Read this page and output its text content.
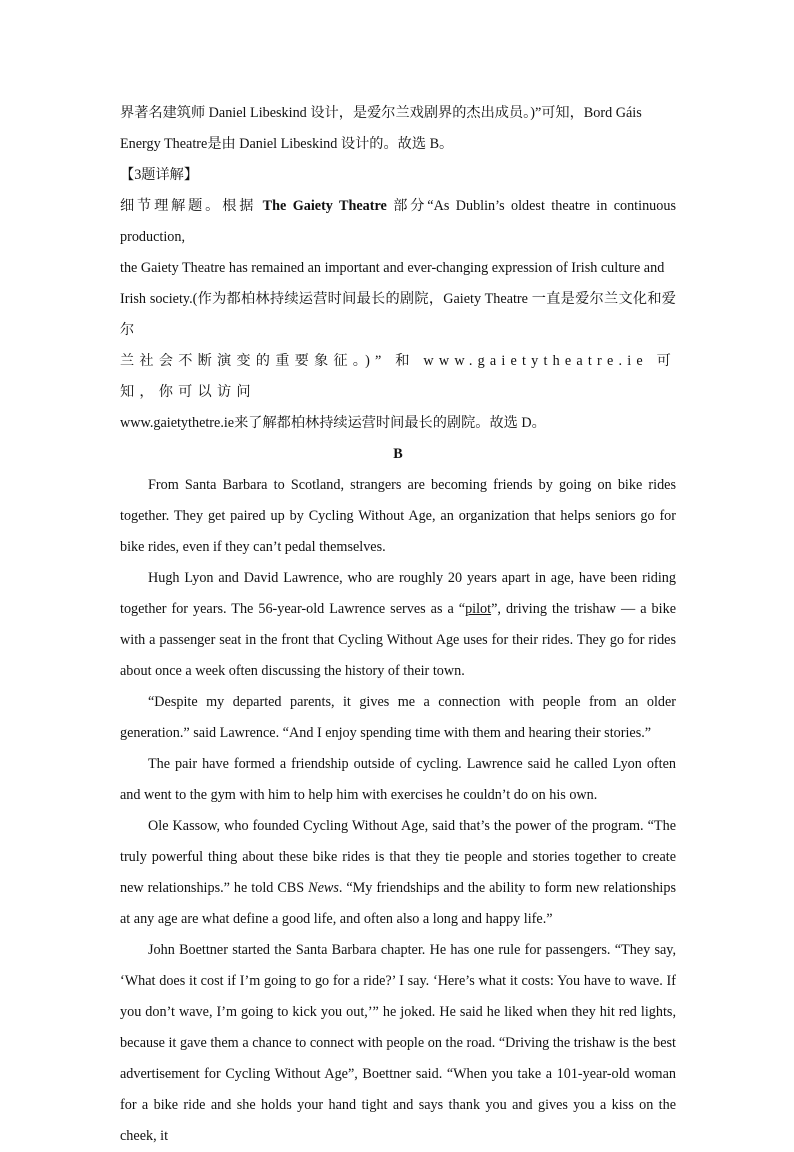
界著名建筑师 Daniel Libeskind 设计，是爱尔兰戏剧界的杰出成员。)”可知，Bord Gáis

Energy Theatre是由 Daniel Libeskind 设计的。故选 B。

【3题详解】

细节理解题。根据 The Gaiety Theatre 部分“As Dublin’s oldest theatre in continuous production,

the Gaiety Theatre has remained an important and ever-changing expression of Irish culture and

Irish society.(作为都柏林持续运营时间最长的剧院，Gaiety Theatre 一直是爱尔兰文化和爱尔

兰社会不断演变的重要象征。)” 和 www.gaietytheatre.ie 可知，你可以访问

www.gaietythetre.ie来了解都柏林持续运营时间最长的剧院。故选 D。

B

From Santa Barbara to Scotland, strangers are becoming friends by going on bike rides together. They get paired up by Cycling Without Age, an organization that helps seniors go for bike rides, even if they can’t pedal themselves.

Hugh Lyon and David Lawrence, who are roughly 20 years apart in age, have been riding together for years. The 56-year-old Lawrence serves as a “pilot”, driving the trishaw — a bike with a passenger seat in the front that Cycling Without Age uses for their rides. They go for rides about once a week often discussing the history of their town.

“Despite my departed parents, it gives me a connection with people from an older generation.” said Lawrence. “And I enjoy spending time with them and hearing their stories.”

The pair have formed a friendship outside of cycling. Lawrence said he called Lyon often and went to the gym with him to help him with exercises he couldn’t do on his own.

Ole Kassow, who founded Cycling Without Age, said that’s the power of the program. “The truly powerful thing about these bike rides is that they tie people and stories together to create new relationships.” he told CBS News. “My friendships and the ability to form new relationships at any age are what define a good life, and often also a long and happy life.”

John Boettner started the Santa Barbara chapter. He has one rule for passengers. “They say, ‘What does it cost if I’m going to go for a ride?’ I say. ‘Here’s what it costs: You have to wave. If you don’t wave, I’m going to kick you out,’” he joked. He said he liked when they hit red lights, because it gave them a chance to connect with people on the road. “Driving the trishaw is the best advertisement for Cycling Without Age”, Boettner said. “When you take a 101-year-old woman for a bike ride and she holds your hand tight and says thank you and gives you a kiss on the cheek, it
